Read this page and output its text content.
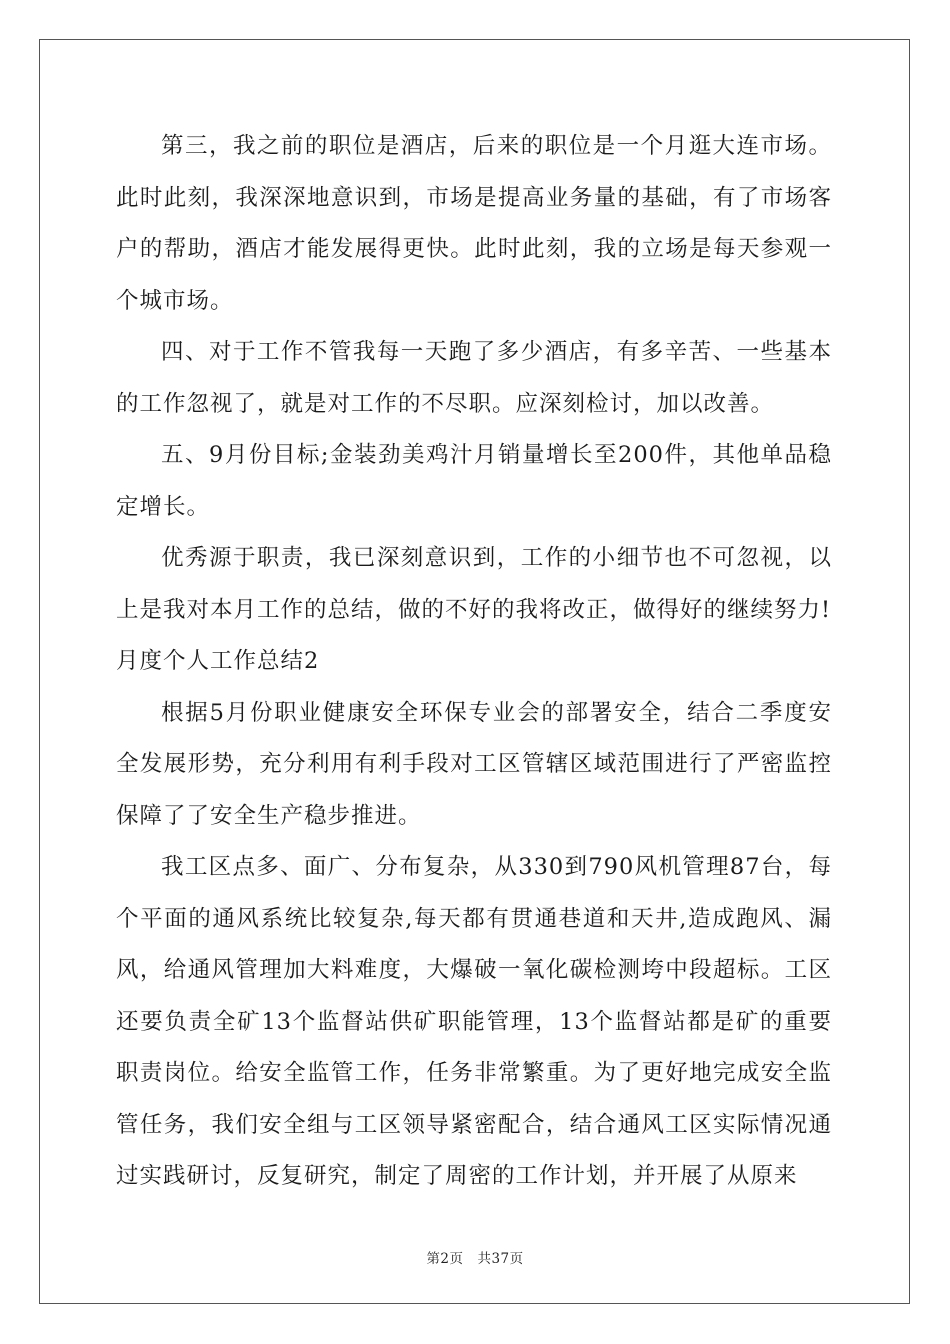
第三，我之前的职位是酒店，后来的职位是一个月逛大连市场。此时此刻，我深深地意识到，市场是提高业务量的基础，有了市场客户的帮助，酒店才能发展得更快。此时此刻，我的立场是每天参观一个城市场。

四、对于工作不管我每一天跑了多少酒店，有多辛苦、一些基本的工作忽视了，就是对工作的不尽职。应深刻检讨，加以改善。

五、9月份目标;金装劲美鸡汁月销量增长至200件，其他单品稳定增长。

优秀源于职责，我已深刻意识到，工作的小细节也不可忽视，以上是我对本月工作的总结，做的不好的我将改正，做得好的继续努力!

月度个人工作总结2

根据5月份职业健康安全环保专业会的部署安全，结合二季度安全发展形势，充分利用有利手段对工区管辖区域范围进行了严密监控保障了了安全生产稳步推进。

我工区点多、面广、分布复杂，从330到790风机管理87台，每个平面的通风系统比较复杂,每天都有贯通巷道和天井,造成跑风、漏风，给通风管理加大料难度，大爆破一氧化碳检测垮中段超标。工区还要负责全矿13个监督站供矿职能管理，13个监督站都是矿的重要职责岗位。给安全监管工作，任务非常繁重。为了更好地完成安全监管任务，我们安全组与工区领导紧密配合，结合通风工区实际情况通过实践研讨，反复研究，制定了周密的工作计划，并开展了从原来

第2页 共37页
